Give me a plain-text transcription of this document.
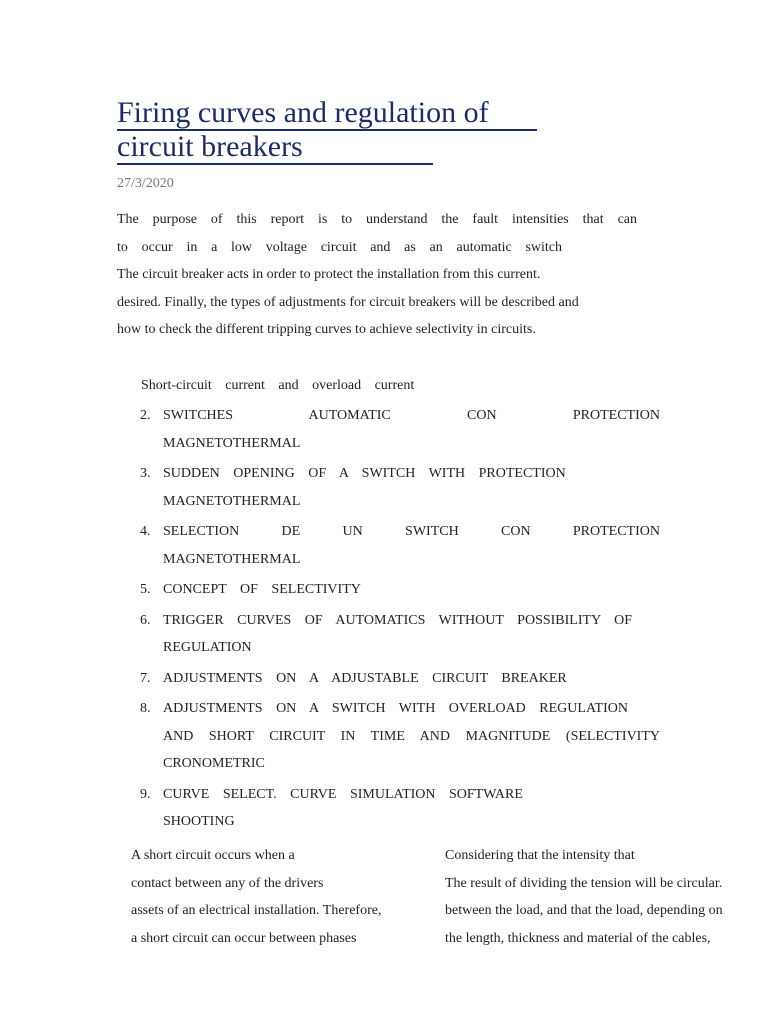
Firing curves and regulation of
circuit breakers
27/3/2020
The purpose of this report is to understand the fault intensities that can
to occur in a low voltage circuit and as an automatic switch
The circuit breaker acts in order to protect the installation from this current.
desired. Finally, the types of adjustments for circuit breakers will be described and
how to check the different tripping curves to achieve selectivity in circuits.
Short-circuit current and overload current
2. SWITCHES AUTOMATIC CON PROTECTION
MAGNETOTHERMAL
3. SUDDEN OPENING OF A SWITCH WITH PROTECTION
MAGNETOTHERMAL
4. SELECTION DE UN SWITCH CON PROTECTION
MAGNETOTHERMAL
5. CONCEPT OF SELECTIVITY
6. TRIGGER CURVES OF AUTOMATICS WITHOUT POSSIBILITY OF
REGULATION
7. ADJUSTMENTS ON A ADJUSTABLE CIRCUIT BREAKER
8. ADJUSTMENTS ON A SWITCH WITH OVERLOAD REGULATION
AND SHORT CIRCUIT IN TIME AND MAGNITUDE (SELECTIVITY
CRONOMETRIC
9. CURVE SELECT. CURVE SIMULATION SOFTWARE
SHOOTING
A short circuit occurs when a
contact between any of the drivers
assets of an electrical installation. Therefore,
a short circuit can occur between phases
Considering that the intensity that
The result of dividing the tension will be circular.
between the load, and that the load, depending on
the length, thickness and material of the cables,
